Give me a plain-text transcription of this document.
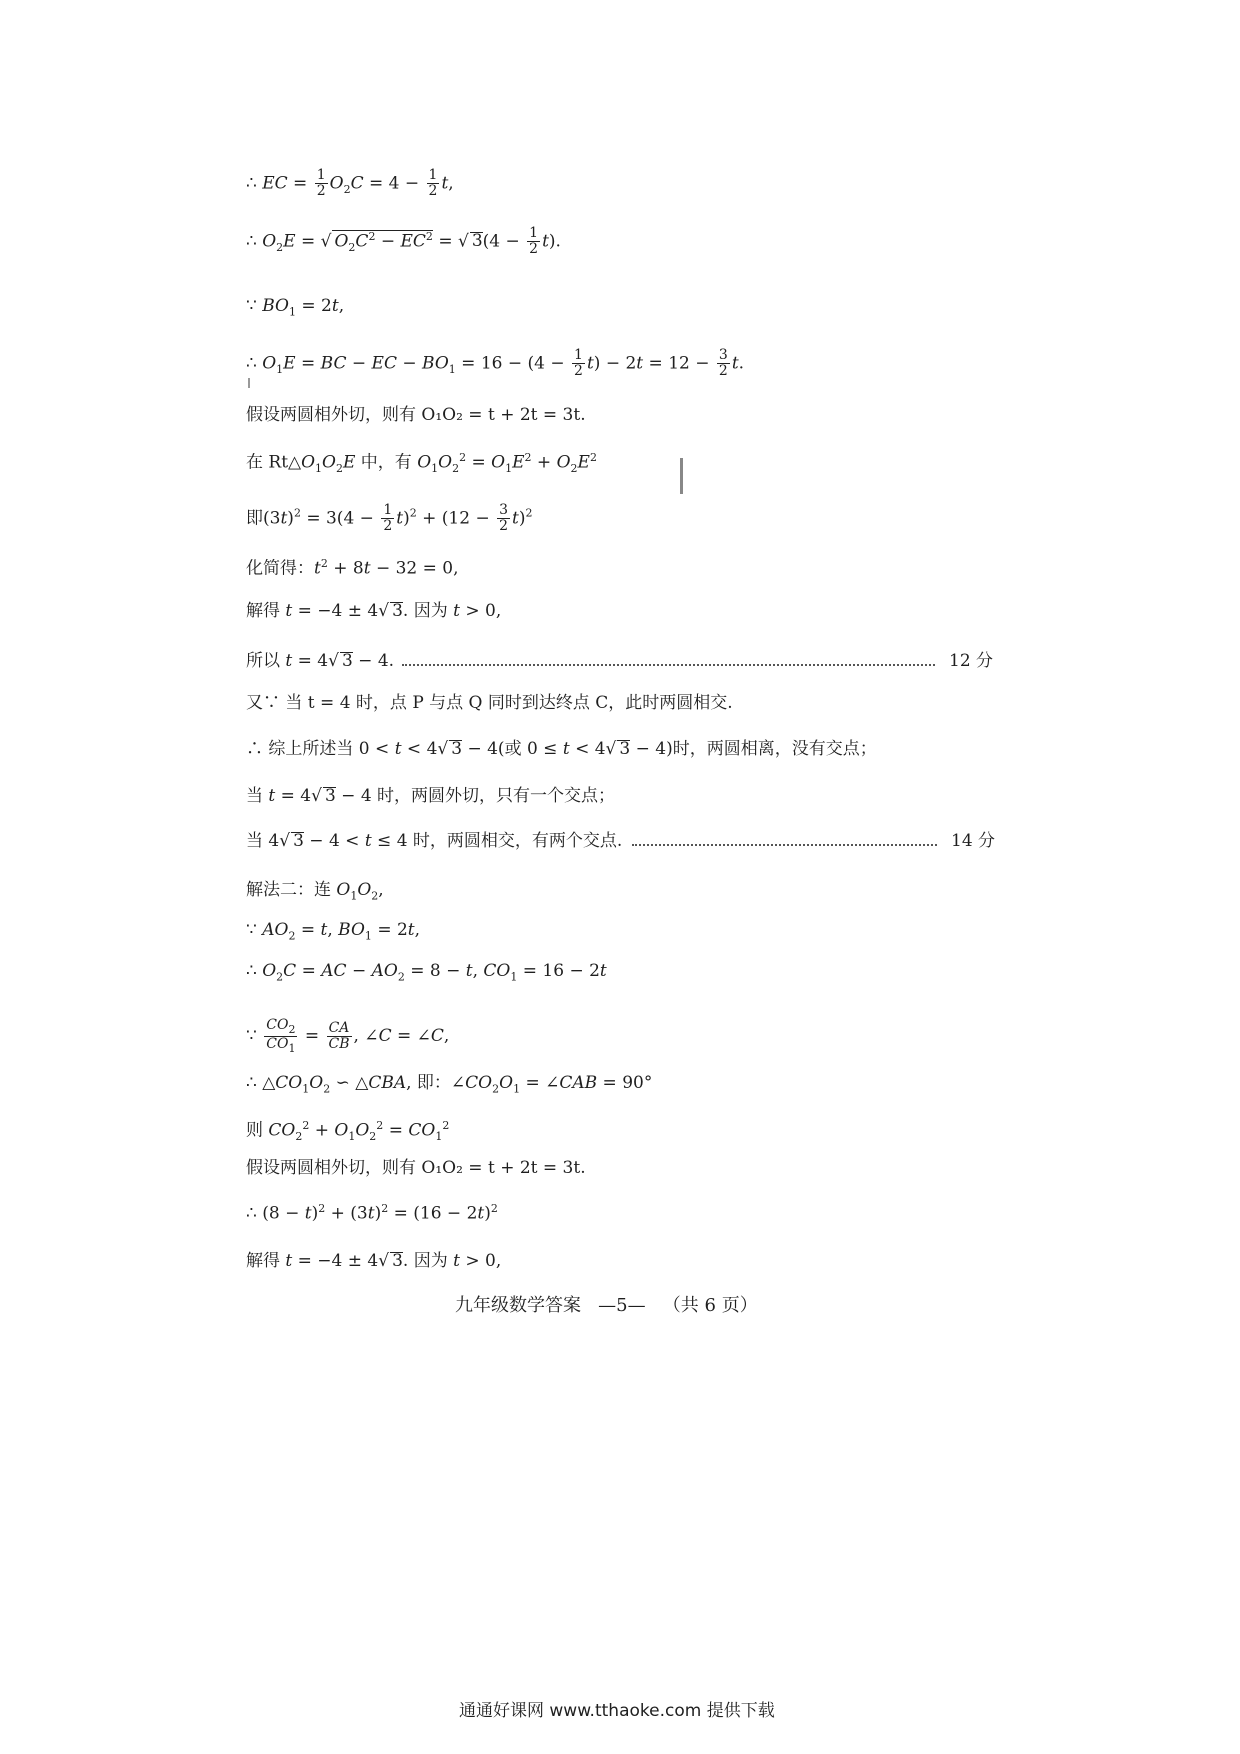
∴ EC = $\frac{1}{2} O_2C = 4 - \frac{1}{2} t$,
∴ $O_2E$ = √ $O_2C^2 - EC^2$ = √ $3(4 - \frac{1}{2} t)$.
∵ $BO_1 = 2t$,
∴ $O_1E$ = BC − EC − $BO_1 = 16 - (4 - \frac{1}{2} t) - 2t = 12 - \frac{3}{2} t$.
假设两圆相外切，则有 O₁O₂ = t + 2t = 3t.
在 $Rt\triangle O_1O_2E$ 中，有 $O_1O_2^2 = O_1E^2 + O_2E^2$
即$(3t)^2 = 3(4 - \frac{1}{2} t)^2 + (12 - \frac{3}{2} t)^2$
化简得：$t^2 + 8t - 32 = 0$,
解得 t = −4 ± 4√ 3. 因为 t > 0,
所以 t = 4√ 3 − 4.	12 分
又∵ 当 t = 4 时，点 P 与点 Q 同时到达终点 C，此时两圆相交.
∴ 综上所述当 0 < t < 4√ 3 − 4(或 0 ≤ t < 4√ 3 − 4)时，两圆相离，没有交点；
当 t = 4√ 3 − 4 时，两圆外切，只有一个交点；
当 4√ 3 − 4 < t ≤ 4 时，两圆相交，有两个交点.	14 分
解法二：连 $O_1O_2$,
∵ $AO_2 = t$, $BO_1 = 2t$,
∴ $O_2C$ = AC − $AO_2 = 8 - t$, $CO_1 = 16 - 2t$
∵ $\frac{CO_2}{CO_1} = \frac{CA}{CB}$ , ∠C = ∠C,
∴ $\triangle CO_1O_2$ ∽ △CBA, 即：$\angle CO_2O_1$ = ∠CAB = 90°
则 $CO_2^2 + O_1O_2^2 = CO_1^2$
假设两圆相外切，则有 O₁O₂ = t + 2t = 3t.
∴ $(8 - t)^2 + (3t)^2 = (16 - 2t)^2$
解得 t = −4 ± 4√ 3. 因为 t > 0,
九年级数学答案 —5— （共 6 页）
通通好课网 www.tthaoke.com 提供下载
